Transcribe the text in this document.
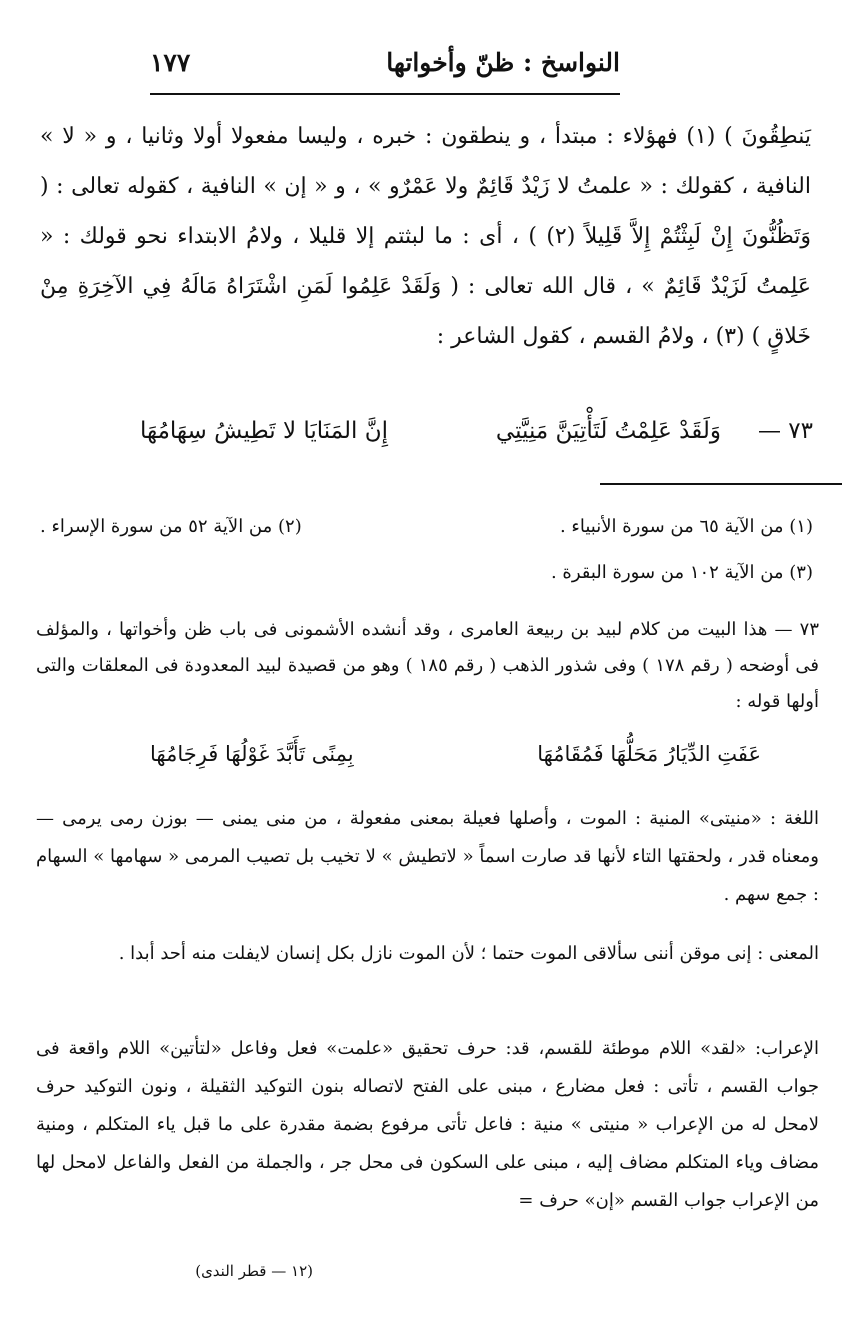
النواسخ : ظنّ وأخواتها
١٧٧

يَنطِقُونَ ) (١) فهؤلاء : مبتدأ ، و ينطقون : خبره ، وليسا مفعولا أولا وثانيا ، و « لا » النافية ، كقولك : « علمتُ لا زَيْدٌ قَائِمٌ ولا عَمْرٌو » ، و « إن » النافية ، كقوله تعالى : ( وَتَظُنُّونَ إِنْ لَبِثْتُمْ إِلاَّ قَلِيلاً (٢) ) ، أى : ما لبثتم إلا قليلا ، ولامُ الابتداء نحو قولك : « عَلِمتُ لَزَيْدٌ قَائِمٌ » ، قال الله تعالى : ( وَلَقَدْ عَلِمُوا لَمَنِ اشْتَرَاهُ مَالَهُ فِي الآخِرَةِ مِنْ خَلاقٍ ) (٣) ، ولامُ القسم ، كقول الشاعر :

٧٣ —
وَلَقَدْ عَلِمْتُ لَتَأْتِيَنَّ مَنِيَّتِي
إِنَّ المَنَايَا لا تَطِيشُ سِهَامُهَا
(١) من الآية ٦٥ من سورة الأنبياء .
(٢) من الآية ٥٢ من سورة الإسراء .
(٣) من الآية ١٠٢ من سورة البقرة .

٧٣ — هذا البيت من كلام لبيد بن ربيعة العامرى ، وقد أنشده الأشمونى فى باب ظن وأخواتها ، والمؤلف فى أوضحه ( رقم ١٧٨ ) وفى شذور الذهب ( رقم ١٨٥ ) وهو من قصيدة لبيد المعدودة فى المعلقات والتى أولها قوله :

عَفَتِ الدِّيَارُ مَحَلُّهَا فَمُقَامُهَا
بِمِنًى تَأَبَّدَ غَوْلُهَا فَرِجَامُهَا

اللغة : «منيتى» المنية : الموت ، وأصلها فعيلة بمعنى مفعولة ، من منى يمنى — بوزن رمى يرمى — ومعناه قدر ، ولحقتها التاء لأنها قد صارت اسماً « لاتطيش » لا تخيب بل تصيب المرمى « سهامها » السهام : جمع سهم .

المعنى : إنى موقن أننى سألاقى الموت حتما ؛ لأن الموت نازل بكل إنسان لايفلت منه أحد أبدا .

الإعراب: «لقد» اللام موطئة للقسم، قد: حرف تحقيق «علمت» فعل وفاعل «لتأتين» اللام واقعة فى جواب القسم ، تأتى : فعل مضارع ، مبنى على الفتح لاتصاله بنون التوكيد الثقيلة ، ونون التوكيد حرف لامحل له من الإعراب « منيتى » منية : فاعل تأتى مرفوع بضمة مقدرة على ما قبل ياء المتكلم ، ومنية مضاف وياء المتكلم مضاف إليه ، مبنى على السكون فى محل جر ، والجملة من الفعل والفاعل لامحل لها من الإعراب جواب القسم «إن» حرف =

(١٢ — قطر الندى)
